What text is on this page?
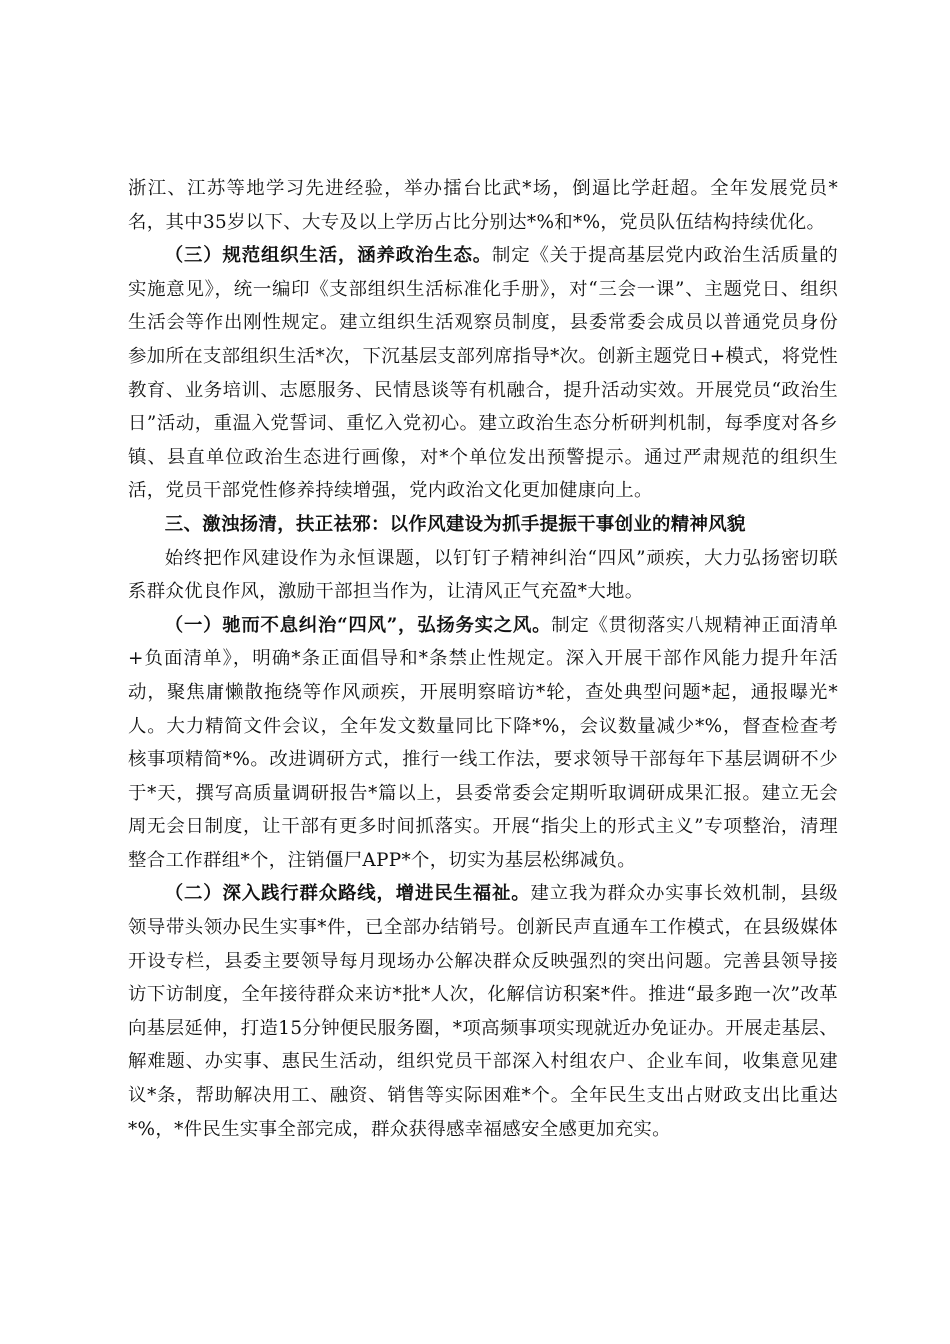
浙江、江苏等地学习先进经验，举办擂台比武*场，倒逼比学赶超。全年发展党员*名，其中35岁以下、大专及以上学历占比分别达*%和*%，党员队伍结构持续优化。

（三）规范组织生活，涵养政治生态。制定《关于提高基层党内政治生活质量的实施意见》，统一编印《支部组织生活标准化手册》，对“三会一课”、主题党日、组织生活会等作出刚性规定。建立组织生活观察员制度，县委常委会成员以普通党员身份参加所在支部组织生活*次，下沉基层支部列席指导*次。创新主题党日+模式，将党性教育、业务培训、志愿服务、民情恳谈等有机融合，提升活动实效。开展党员“政治生日”活动，重温入党誓词、重忆入党初心。建立政治生态分析研判机制，每季度对各乡镇、县直单位政治生态进行画像，对*个单位发出预警提示。通过严肃规范的组织生活，党员干部党性修养持续增强，党内政治文化更加健康向上。

三、激浊扬清，扶正祛邪：以作风建设为抓手提振干事创业的精神风貌

始终把作风建设作为永恒课题，以钉钉子精神纠治“四风”顽疾，大力弘扬密切联系群众优良作风，激励干部担当作为，让清风正气充盈*大地。

（一）驰而不息纠治“四风”，弘扬务实之风。制定《贯彻落实八规精神正面清单+负面清单》，明确*条正面倡导和*条禁止性规定。深入开展干部作风能力提升年活动，聚焦庸懒散拖绕等作风顽疾，开展明察暗访*轮，查处典型问题*起，通报曝光*人。大力精简文件会议，全年发文数量同比下降*%，会议数量减少*%，督查检查考核事项精简*%。改进调研方式，推行一线工作法，要求领导干部每年下基层调研不少于*天，撰写高质量调研报告*篇以上，县委常委会定期听取调研成果汇报。建立无会周无会日制度，让干部有更多时间抓落实。开展“指尖上的形式主义”专项整治，清理整合工作群组*个，注销僵尸APP*个，切实为基层松绑减负。

（二）深入践行群众路线，增进民生福祉。建立我为群众办实事长效机制，县级领导带头领办民生实事*件，已全部办结销号。创新民声直通车工作模式，在县级媒体开设专栏，县委主要领导每月现场办公解决群众反映强烈的突出问题。完善县领导接访下访制度，全年接待群众来访*批*人次，化解信访积案*件。推进“最多跑一次”改革向基层延伸，打造15分钟便民服务圈，*项高频事项实现就近办免证办。开展走基层、解难题、办实事、惠民生活动，组织党员干部深入村组农户、企业车间，收集意见建议*条，帮助解决用工、融资、销售等实际困难*个。全年民生支出占财政支出比重达*%，*件民生实事全部完成，群众获得感幸福感安全感更加充实。
